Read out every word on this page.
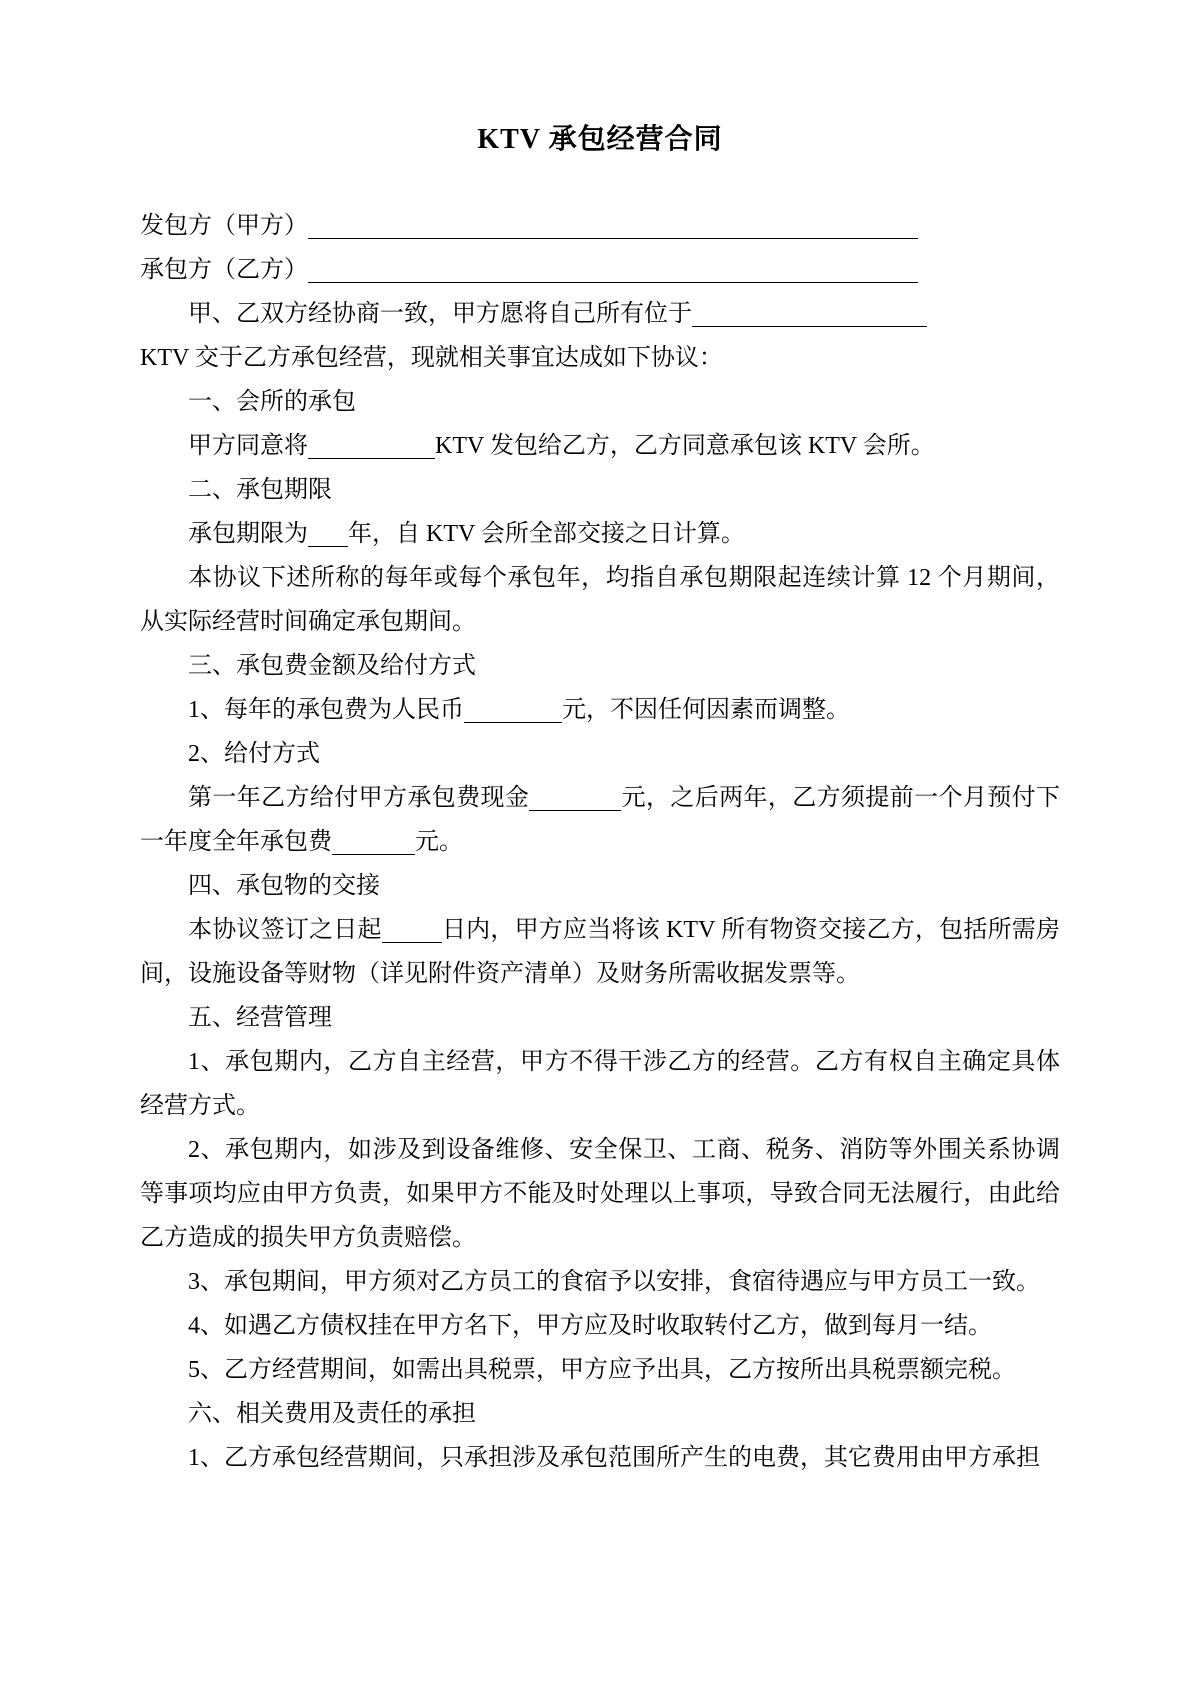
KTV 承包经营合同

发包方（甲方）

承包方（乙方）

甲、乙双方经协商一致，甲方愿将自己所有位于

KTV 交于乙方承包经营，现就相关事宜达成如下协议：

一、会所的承包

甲方同意将	KTV 发包给乙方，乙方同意承包该 KTV 会所。

二、承包期限

承包期限为 年，自 KTV 会所全部交接之日计算。

本协议下述所称的每年或每个承包年，均指自承包期限起连续计算 12 个月期间，从实际经营时间确定承包期间。

三、承包费金额及给付方式

1、每年的承包费为人民币	元，不因任何因素而调整。

2、给付方式

第一年乙方给付甲方承包费现金	元，之后两年，乙方须提前一个月预付下一年度全年承包费	元。

四、承包物的交接

本协议签订之日起	日内，甲方应当将该 KTV 所有物资交接乙方，包括所需房间，设施设备等财物（详见附件资产清单）及财务所需收据发票等。

五、经营管理

1、承包期内，乙方自主经营，甲方不得干涉乙方的经营。乙方有权自主确定具体经营方式。

2、承包期内，如涉及到设备维修、安全保卫、工商、税务、消防等外围关系协调等事项均应由甲方负责，如果甲方不能及时处理以上事项，导致合同无法履行，由此给乙方造成的损失甲方负责赔偿。

3、承包期间，甲方须对乙方员工的食宿予以安排，食宿待遇应与甲方员工一致。

4、如遇乙方债权挂在甲方名下，甲方应及时收取转付乙方，做到每月一结。

5、乙方经营期间，如需出具税票，甲方应予出具，乙方按所出具税票额完税。

六、相关费用及责任的承担

1、乙方承包经营期间，只承担涉及承包范围所产生的电费，其它费用由甲方承担
